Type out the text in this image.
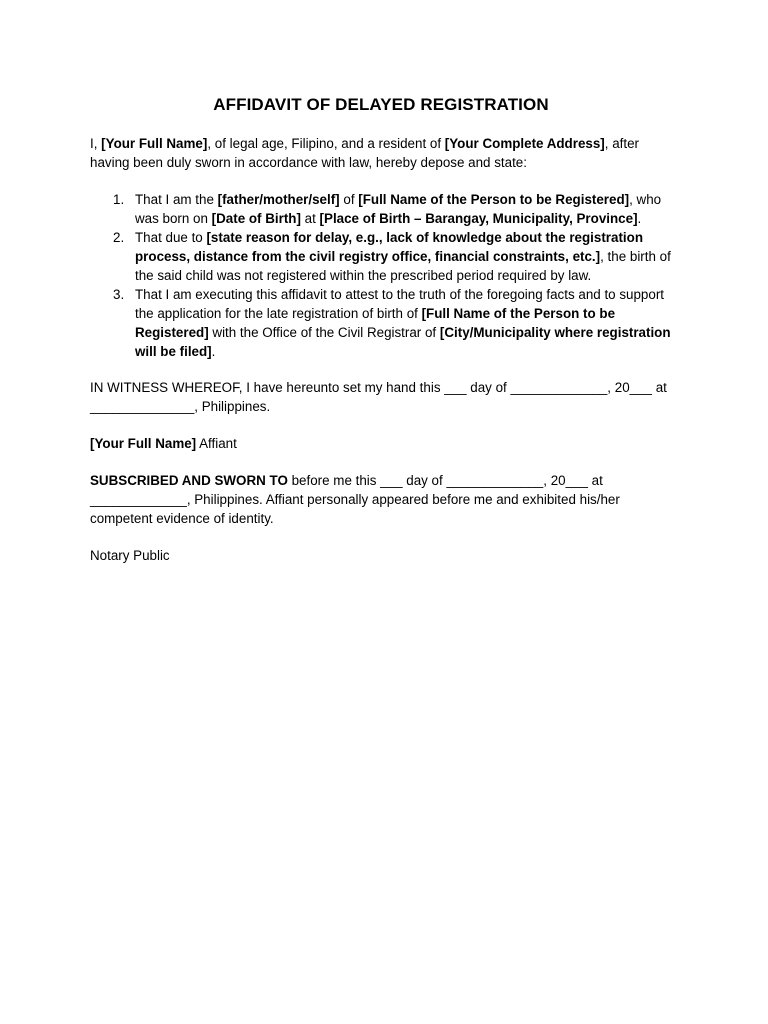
AFFIDAVIT OF DELAYED REGISTRATION

I, [Your Full Name], of legal age, Filipino, and a resident of [Your Complete Address], after having been duly sworn in accordance with law, hereby depose and state:

1. That I am the [father/mother/self] of [Full Name of the Person to be Registered], who was born on [Date of Birth] at [Place of Birth – Barangay, Municipality, Province].
2. That due to [state reason for delay, e.g., lack of knowledge about the registration process, distance from the civil registry office, financial constraints, etc.], the birth of the said child was not registered within the prescribed period required by law.
3. That I am executing this affidavit to attest to the truth of the foregoing facts and to support the application for the late registration of birth of [Full Name of the Person to be Registered] with the Office of the Civil Registrar of [City/Municipality where registration will be filed].

IN WITNESS WHEREOF, I have hereunto set my hand this ___ day of _____________, 20___ at ______________, Philippines.

[Your Full Name] Affiant

SUBSCRIBED AND SWORN TO before me this ___ day of _____________, 20___ at _____________, Philippines. Affiant personally appeared before me and exhibited his/her competent evidence of identity.

Notary Public
